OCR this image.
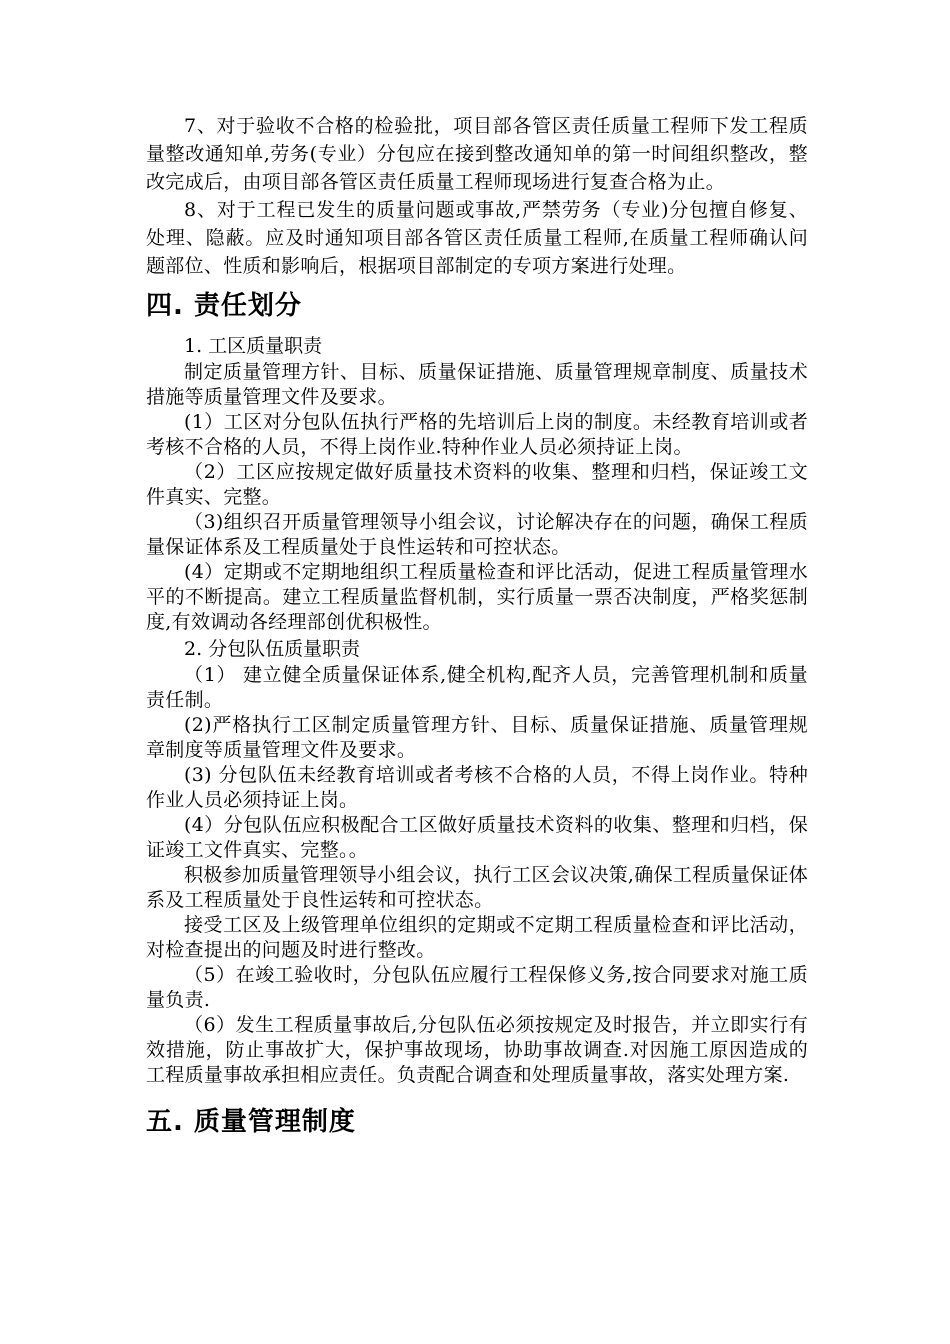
7、对于验收不合格的检验批，项目部各管区责任质量工程师下发工程质量整改通知单,劳务(专业）分包应在接到整改通知单的第一时间组织整改，整改完成后，由项目部各管区责任质量工程师现场进行复查合格为止。

8、对于工程已发生的质量问题或事故,严禁劳务（专业)分包擅自修复、处理、隐蔽。应及时通知项目部各管区责任质量工程师,在质量工程师确认问题部位、性质和影响后，根据项目部制定的专项方案进行处理。

四. 责任划分

1. 工区质量职责

制定质量管理方针、目标、质量保证措施、质量管理规章制度、质量技术措施等质量管理文件及要求。

(1）工区对分包队伍执行严格的先培训后上岗的制度。未经教育培训或者考核不合格的人员，不得上岗作业.特种作业人员必须持证上岗。

（2）工区应按规定做好质量技术资料的收集、整理和归档，保证竣工文件真实、完整。

（3)组织召开质量管理领导小组会议，讨论解决存在的问题，确保工程质量保证体系及工程质量处于良性运转和可控状态。

(4）定期或不定期地组织工程质量检查和评比活动，促进工程质量管理水平的不断提高。建立工程质量监督机制，实行质量一票否决制度，严格奖惩制度,有效调动各经理部创优积极性。

2. 分包队伍质量职责

（1） 建立健全质量保证体系,健全机构,配齐人员，完善管理机制和质量责任制。

(2)严格执行工区制定质量管理方针、目标、质量保证措施、质量管理规章制度等质量管理文件及要求。

(3) 分包队伍未经教育培训或者考核不合格的人员，不得上岗作业。特种作业人员必须持证上岗。

(4）分包队伍应积极配合工区做好质量技术资料的收集、整理和归档，保证竣工文件真实、完整。。

积极参加质量管理领导小组会议，执行工区会议决策,确保工程质量保证体系及工程质量处于良性运转和可控状态。

接受工区及上级管理单位组织的定期或不定期工程质量检查和评比活动，对检查提出的问题及时进行整改。

（5）在竣工验收时，分包队伍应履行工程保修义务,按合同要求对施工质量负责.

（6）发生工程质量事故后,分包队伍必须按规定及时报告，并立即实行有效措施，防止事故扩大，保护事故现场，协助事故调查.对因施工原因造成的工程质量事故承担相应责任。负责配合调查和处理质量事故，落实处理方案.

五. 质量管理制度
